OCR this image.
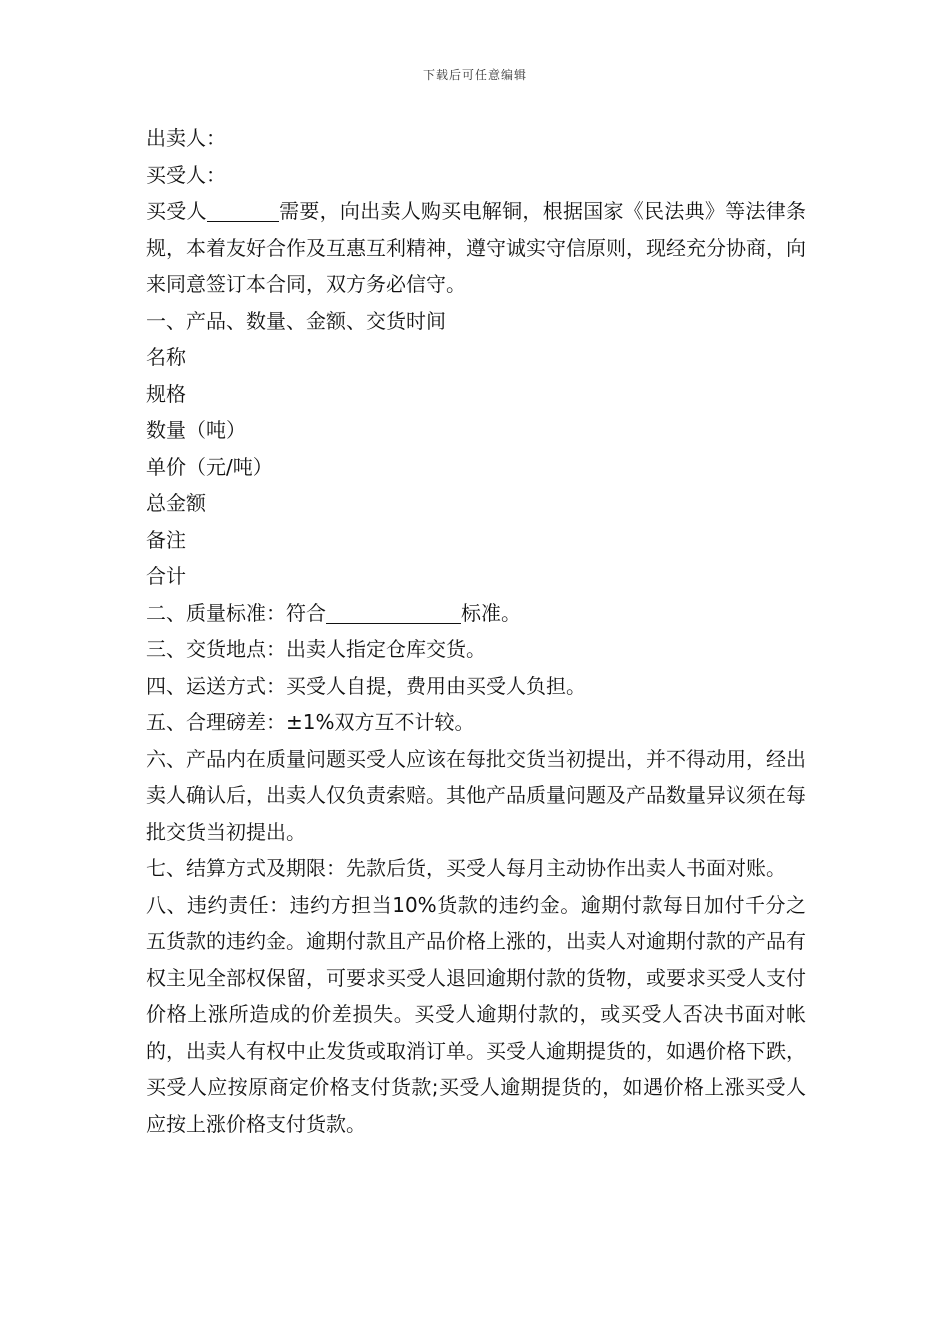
下载后可任意编辑

出卖人：

买受人：

买受人	需要，向出卖人购买电解铜，根据国家《民法典》等法律条规，本着友好合作及互惠互利精神，遵守诚实守信原则，现经充分协商，向来同意签订本合同，双方务必信守。

一、产品、数量、金额、交货时间

名称

规格

数量（吨）

单价（元/吨）

总金额

备注

合计

二、质量标准：符合	标准。

三、交货地点：出卖人指定仓库交货。

四、运送方式：买受人自提，费用由买受人负担。

五、合理磅差：±1%双方互不计较。

六、产品内在质量问题买受人应该在每批交货当初提出，并不得动用，经出卖人确认后，出卖人仅负责索赔。其他产品质量问题及产品数量异议须在每批交货当初提出。

七、结算方式及期限：先款后货，买受人每月主动协作出卖人书面对账。

八、违约责任：违约方担当10%货款的违约金。逾期付款每日加付千分之五货款的违约金。逾期付款且产品价格上涨的，出卖人对逾期付款的产品有权主见全部权保留，可要求买受人退回逾期付款的货物，或要求买受人支付价格上涨所造成的价差损失。买受人逾期付款的，或买受人否决书面对帐的，出卖人有权中止发货或取消订单。买受人逾期提货的，如遇价格下跌，买受人应按原商定价格支付货款;买受人逾期提货的，如遇价格上涨买受人应按上涨价格支付货款。
